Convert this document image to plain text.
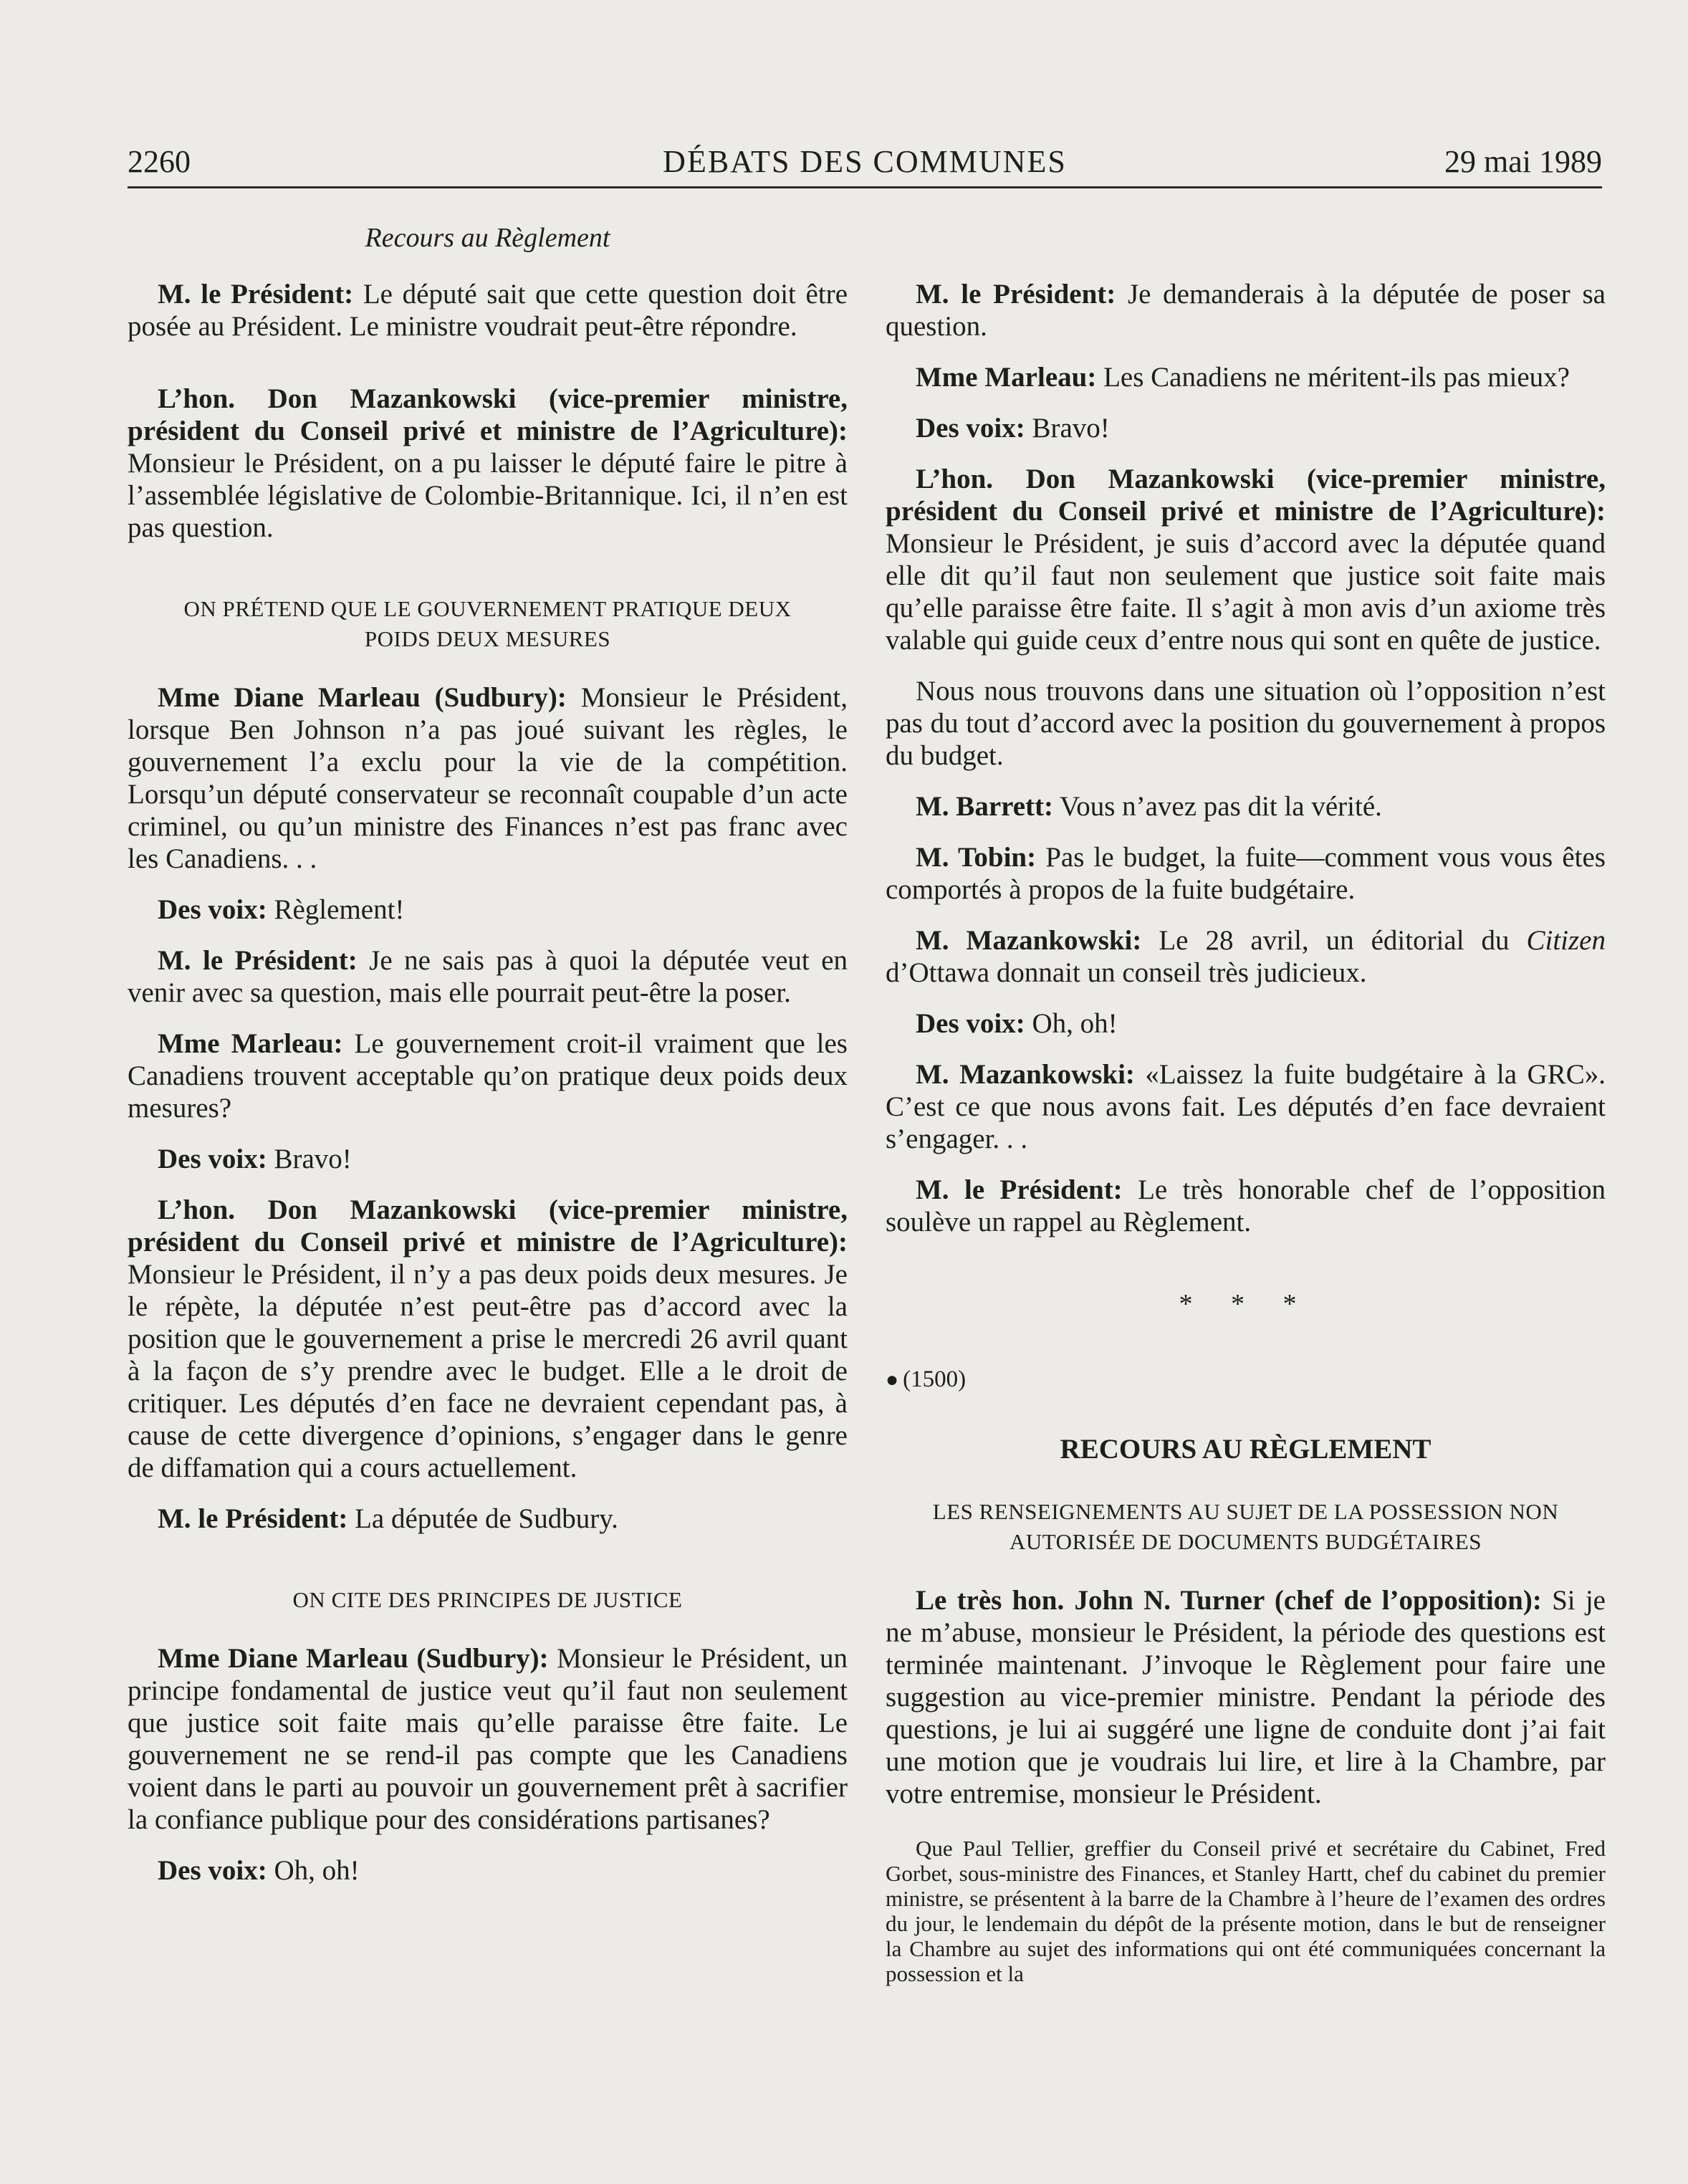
2260	DÉBATS DES COMMUNES	29 mai 1989
Recours au Règlement

M. le Président: Le député sait que cette question doit être posée au Président. Le ministre voudrait peut-être répondre.

L’hon. Don Mazankowski (vice-premier ministre, président du Conseil privé et ministre de l’Agriculture): Monsieur le Président, on a pu laisser le député faire le pitre à l’assemblée législative de Colombie-Britannique. Ici, il n’en est pas question.

ON PRÉTEND QUE LE GOUVERNEMENT PRATIQUE DEUX POIDS DEUX MESURES

Mme Diane Marleau (Sudbury): Monsieur le Président, lorsque Ben Johnson n’a pas joué suivant les règles, le gouvernement l’a exclu pour la vie de la compétition. Lorsqu’un député conservateur se reconnaît coupable d’un acte criminel, ou qu’un ministre des Finances n’est pas franc avec les Canadiens. . .

Des voix: Règlement!

M. le Président: Je ne sais pas à quoi la députée veut en venir avec sa question, mais elle pourrait peut-être la poser.

Mme Marleau: Le gouvernement croit-il vraiment que les Canadiens trouvent acceptable qu’on pratique deux poids deux mesures?

Des voix: Bravo!

L’hon. Don Mazankowski (vice-premier ministre, président du Conseil privé et ministre de l’Agriculture): Monsieur le Président, il n’y a pas deux poids deux mesures. Je le répète, la députée n’est peut-être pas d’accord avec la position que le gouvernement a prise le mercredi 26 avril quant à la façon de s’y prendre avec le budget. Elle a le droit de critiquer. Les députés d’en face ne devraient cependant pas, à cause de cette divergence d’opinions, s’engager dans le genre de diffamation qui a cours actuellement.

M. le Président: La députée de Sudbury.

ON CITE DES PRINCIPES DE JUSTICE

Mme Diane Marleau (Sudbury): Monsieur le Président, un principe fondamental de justice veut qu’il faut non seulement que justice soit faite mais qu’elle paraisse être faite. Le gouvernement ne se rend-il pas compte que les Canadiens voient dans le parti au pouvoir un gouvernement prêt à sacrifier la confiance publique pour des considérations partisanes?

Des voix: Oh, oh!

M. le Président: Je demanderais à la députée de poser sa question.

Mme Marleau: Les Canadiens ne méritent-ils pas mieux?

Des voix: Bravo!

L’hon. Don Mazankowski (vice-premier ministre, président du Conseil privé et ministre de l’Agriculture): Monsieur le Président, je suis d’accord avec la députée quand elle dit qu’il faut non seulement que justice soit faite mais qu’elle paraisse être faite. Il s’agit à mon avis d’un axiome très valable qui guide ceux d’entre nous qui sont en quête de justice.

Nous nous trouvons dans une situation où l’opposition n’est pas du tout d’accord avec la position du gouvernement à propos du budget.

M. Barrett: Vous n’avez pas dit la vérité.

M. Tobin: Pas le budget, la fuite—comment vous vous êtes comportés à propos de la fuite budgétaire.

M. Mazankowski: Le 28 avril, un éditorial du Citizen d’Ottawa donnait un conseil très judicieux.

Des voix: Oh, oh!

M. Mazankowski: «Laissez la fuite budgétaire à la GRC». C’est ce que nous avons fait. Les députés d’en face devraient s’engager. . .

M. le Président: Le très honorable chef de l’opposition soulève un rappel au Règlement.

* * *
● (1500)
RECOURS AU RÈGLEMENT
LES RENSEIGNEMENTS AU SUJET DE LA POSSESSION NON AUTORISÉE DE DOCUMENTS BUDGÉTAIRES

Le très hon. John N. Turner (chef de l’opposition): Si je ne m’abuse, monsieur le Président, la période des questions est terminée maintenant. J’invoque le Règlement pour faire une suggestion au vice-premier ministre. Pendant la période des questions, je lui ai suggéré une ligne de conduite dont j’ai fait une motion que je voudrais lui lire, et lire à la Chambre, par votre entremise, monsieur le Président.

Que Paul Tellier, greffier du Conseil privé et secrétaire du Cabinet, Fred Gorbet, sous-ministre des Finances, et Stanley Hartt, chef du cabinet du premier ministre, se présentent à la barre de la Chambre à l’heure de l’examen des ordres du jour, le lendemain du dépôt de la présente motion, dans le but de renseigner la Chambre au sujet des informations qui ont été communiquées concernant la possession et la
